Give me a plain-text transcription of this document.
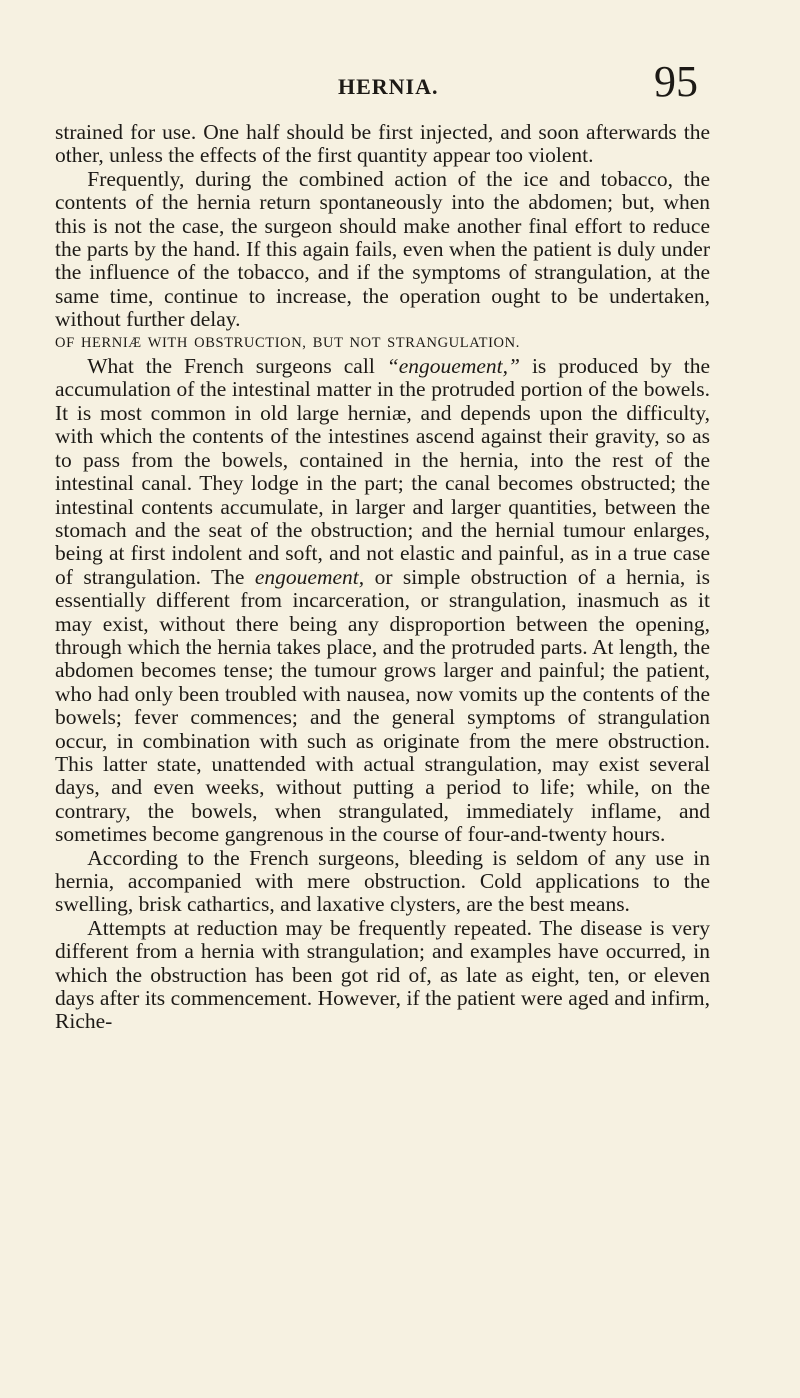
HERNIA.	95

strained for use. One half should be first injected, and soon afterwards the other, unless the effects of the first quantity appear too violent.

Frequently, during the combined action of the ice and tobacco, the contents of the hernia return spontaneously into the abdomen; but, when this is not the case, the surgeon should make another final effort to reduce the parts by the hand. If this again fails, even when the patient is duly under the influence of the tobacco, and if the symptoms of strangulation, at the same time, continue to increase, the operation ought to be undertaken, without further delay.

OF HERNIÆ WITH OBSTRUCTION, BUT NOT STRANGULATION.

What the French surgeons call “engouement,” is produced by the accumulation of the intestinal matter in the protruded portion of the bowels. It is most common in old large herniæ, and depends upon the difficulty, with which the contents of the intestines ascend against their gravity, so as to pass from the bowels, contained in the hernia, into the rest of the intestinal canal. They lodge in the part; the canal becomes obstructed; the intestinal contents accumulate, in larger and larger quantities, between the stomach and the seat of the obstruction; and the hernial tumour enlarges, being at first indolent and soft, and not elastic and painful, as in a true case of strangulation. The engouement, or simple obstruction of a hernia, is essentially different from incarceration, or strangulation, inasmuch as it may exist, without there being any disproportion between the opening, through which the hernia takes place, and the protruded parts. At length, the abdomen becomes tense; the tumour grows larger and painful; the patient, who had only been troubled with nausea, now vomits up the contents of the bowels; fever commences; and the general symptoms of strangulation occur, in combination with such as originate from the mere obstruction. This latter state, unattended with actual strangulation, may exist several days, and even weeks, without putting a period to life; while, on the contrary, the bowels, when strangulated, immediately inflame, and sometimes become gangrenous in the course of four-and-twenty hours.

According to the French surgeons, bleeding is seldom of any use in hernia, accompanied with mere obstruction. Cold applications to the swelling, brisk cathartics, and laxative clysters, are the best means.

Attempts at reduction may be frequently repeated. The disease is very different from a hernia with strangulation; and examples have occurred, in which the obstruction has been got rid of, as late as eight, ten, or eleven days after its commencement. However, if the patient were aged and infirm, Riche-
